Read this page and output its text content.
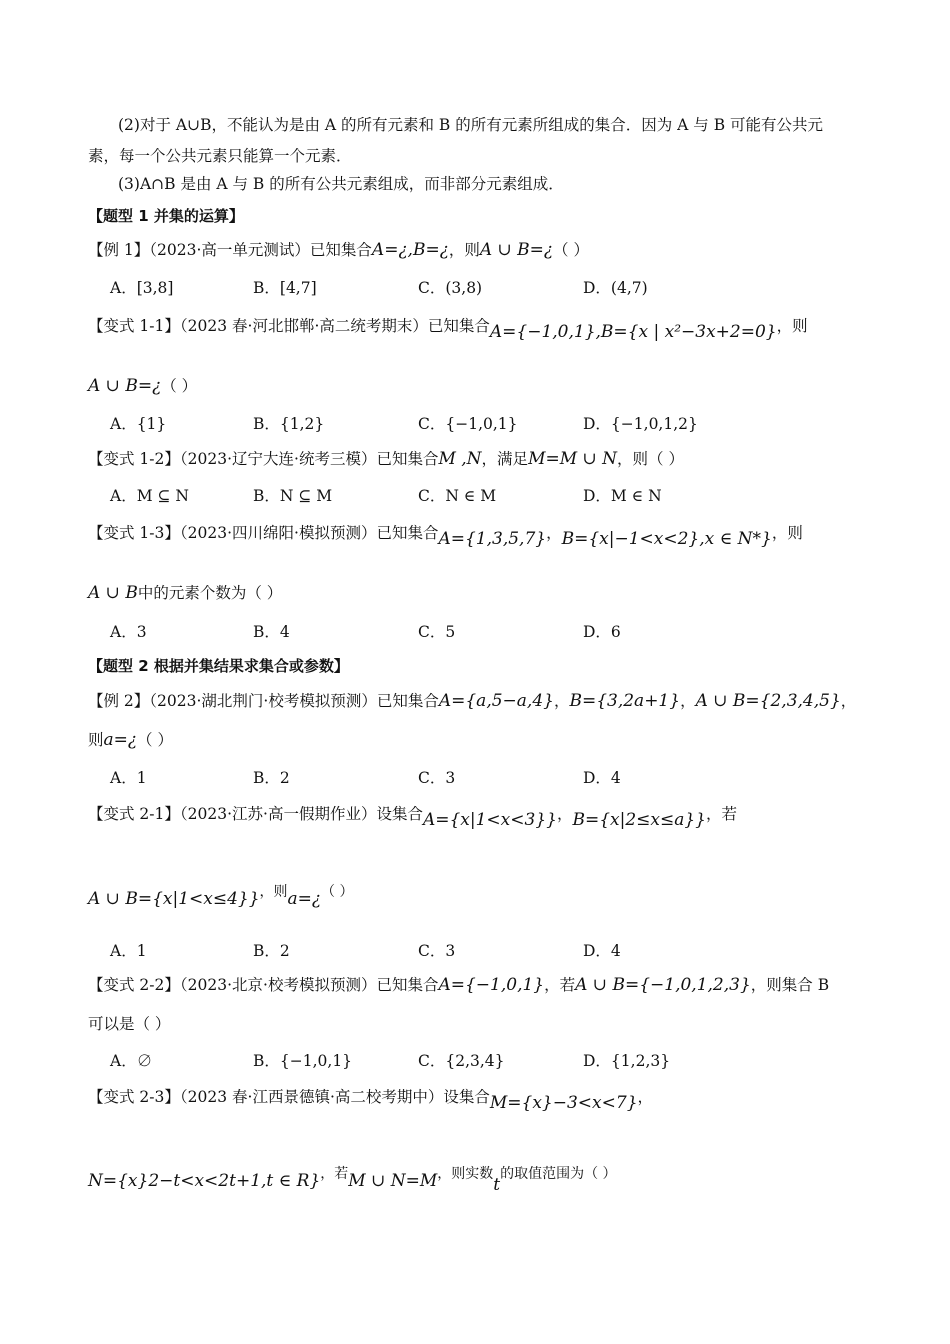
(2)对于 A∪B，不能认为是由 A 的所有元素和 B 的所有元素所组成的集合．因为 A 与 B 可能有公共元
素，每一个公共元素只能算一个元素．
(3)A∩B 是由 A 与 B 的所有公共元素组成，而非部分元素组成．
【题型 1 并集的运算】
【例 1】（2023·高一单元测试）已知集合A=¿,B=¿，则A ∪ B=¿（ ）
A．[3,8]	B．[4,7]	C．(3,8)	D．(4,7)
【变式 1-1】（2023 春·河北邯郸·高二统考期末）已知集合A={−1,0,1},B={x | x²−3x+2=0}，则
A ∪ B=¿（ ）
A．{1}	B．{1,2}	C．{−1,0,1}	D．{−1,0,1,2}
【变式 1-2】（2023·辽宁大连·统考三模）已知集合M ,N，满足M=M ∪ N，则（ ）
A．M ⊆ N	B．N ⊆ M	C．N ∈ M	D．M ∈ N
【变式 1-3】（2023·四川绵阳·模拟预测）已知集合A={1,3,5,7}，B={x|−1<x<2},x ∈ N*}，则
A ∪ B中的元素个数为（ ）
A．3	B．4	C．5	D．6
【题型 2 根据并集结果求集合或参数】
【例 2】（2023·湖北荆门·校考模拟预测）已知集合A={a,5−a,4}，B={3,2a+1}，A ∪ B={2,3,4,5}，
则a=¿（ ）
A．1	B．2	C．3	D．4
【变式 2-1】（2023·江苏·高一假期作业）设集合A={x|1<x<3}}，B={x|2≤x≤a}}，若
A ∪ B={x|1<x≤4}}，则a=¿（ ）
A．1	B．2	C．3	D．4
【变式 2-2】（2023·北京·校考模拟预测）已知集合A={−1,0,1}，若A ∪ B={−1,0,1,2,3}，则集合 B
可以是（ ）
A．∅	B．{−1,0,1}	C．{2,3,4}	D．{1,2,3}
【变式 2-3】（2023 春·江西景德镇·高二校考期中）设集合M={x}−3<x<7}，
N={x}2−t<x<2t+1,t ∈ R}，若M ∪ N=M，则实数t的取值范围为（ ）
